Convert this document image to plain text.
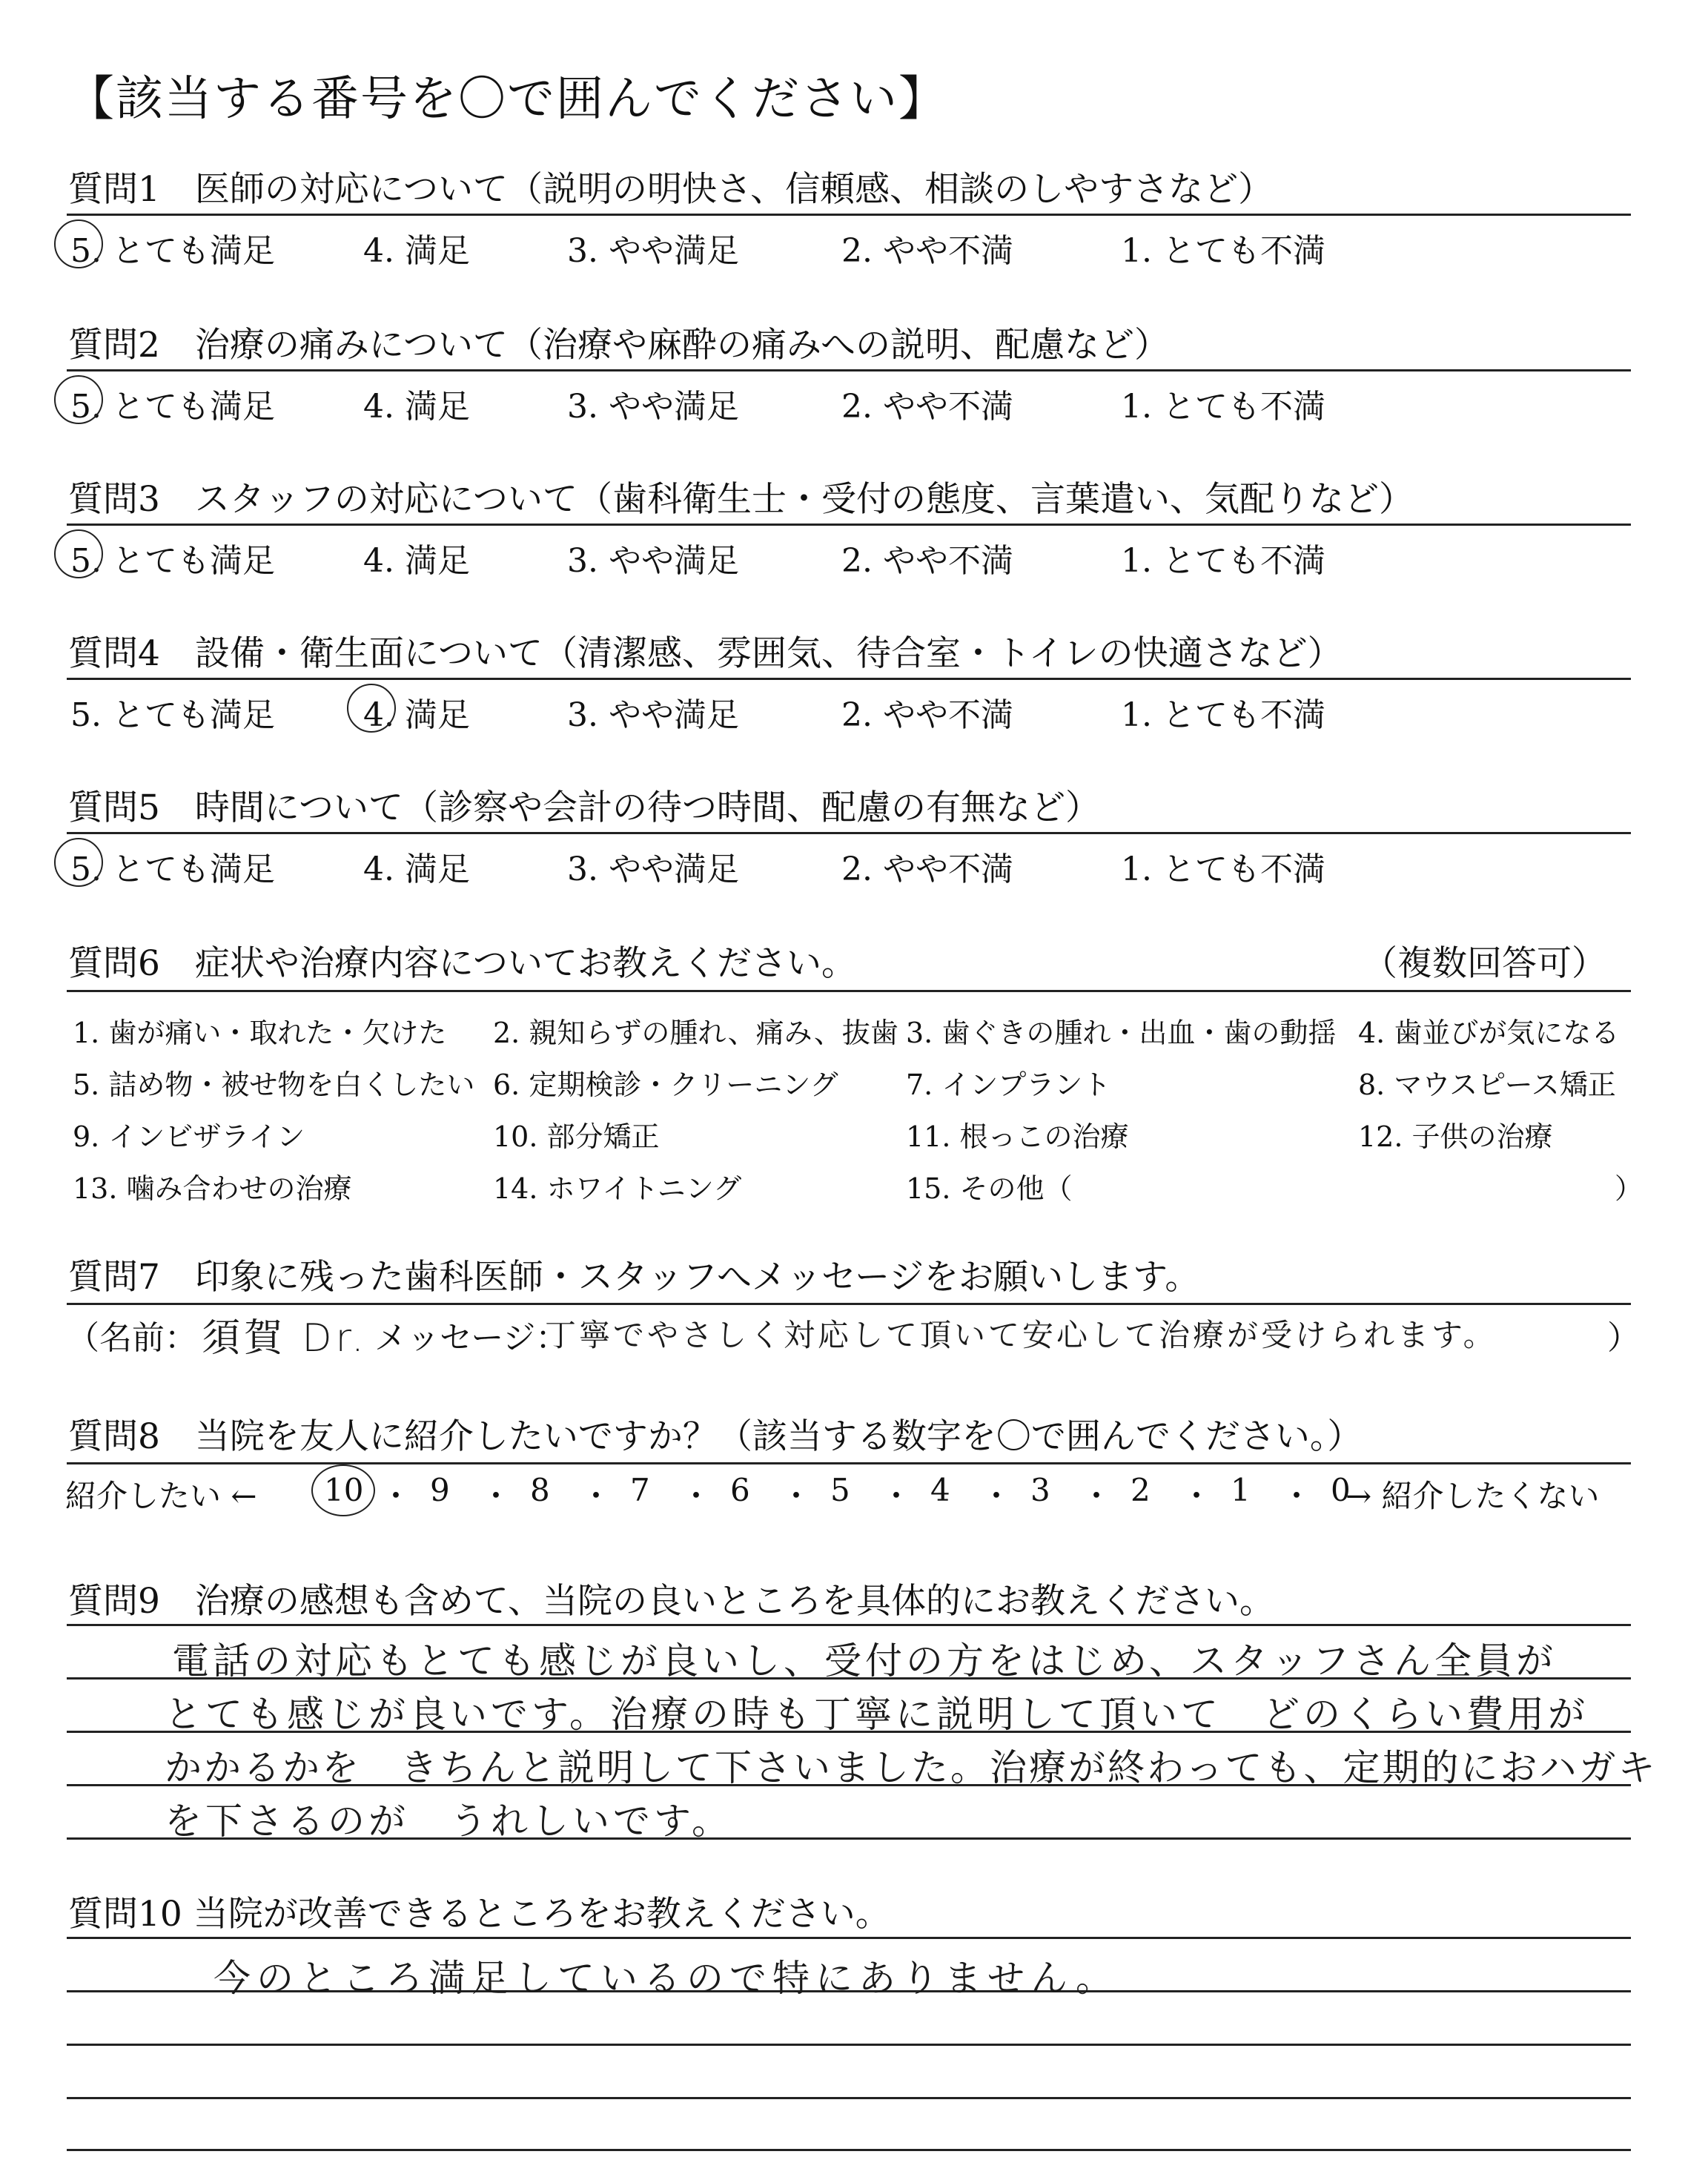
【該当する番号を〇で囲んでください】
質問1　医師の対応について（説明の明快さ、信頼感、相談のしやすさなど）
5. とても満足	4. 満足	3. やや満足	2. やや不満	1. とても不満
質問2　治療の痛みについて（治療や麻酔の痛みへの説明、配慮など）
5. とても満足	4. 満足	3. やや満足	2. やや不満	1. とても不満
質問3　スタッフの対応について（歯科衛生士・受付の態度、言葉遣い、気配りなど）
5. とても満足	4. 満足	3. やや満足	2. やや不満	1. とても不満
質問4　設備・衛生面について（清潔感、雰囲気、待合室・トイレの快適さなど）
5. とても満足	4. 満足	3. やや満足	2. やや不満	1. とても不満
質問5　時間について（診察や会計の待つ時間、配慮の有無など）
5. とても満足	4. 満足	3. やや満足	2. やや不満	1. とても不満
質問6　症状や治療内容についてお教えください。	（複数回答可）
1. 歯が痛い・取れた・欠けた 2. 親知らずの腫れ、痛み、抜歯 3. 歯ぐきの腫れ・出血・歯の動揺 4. 歯並びが気になる
5. 詰め物・被せ物を白くしたい 6. 定期検診・クリーニング 7. インプラント	8. マウスピース矯正
9. インビザライン	10. 部分矯正	11. 根っこの治療	12. 子供の治療
13. 噛み合わせの治療	14. ホワイトニング	15. その他（	）
質問7　印象に残った歯科医師・スタッフへメッセージをお願いします。
（名前： 須賀 Dr. メッセージ：
丁寧でやさしく対応して頂いて安心して治療が受けられます。	）
質問8　当院を友人に紹介したいですか？（該当する数字を〇で囲んでください。）
紹介したい ← 10 ・ 9 ・ 8 ・ 7 ・ 6 ・ 5 ・ 4 ・ 3 ・ 2 ・ 1 ・ 0
→ 紹介したくない
質問9　治療の感想も含めて、当院の良いところを具体的にお教えください。
電話の対応もとても感じが良いし、受付の方をはじめ、スタッフさん全員が
とても感じが良いです。治療の時も丁寧に説明して頂いて　どのくらい費用が
かかるかを　きちんと説明して下さいました。治療が終わっても、定期的におハガキ
を下さるのが　うれしいです。
質問10 当院が改善できるところをお教えください。
今のところ満足しているので特にありません。
